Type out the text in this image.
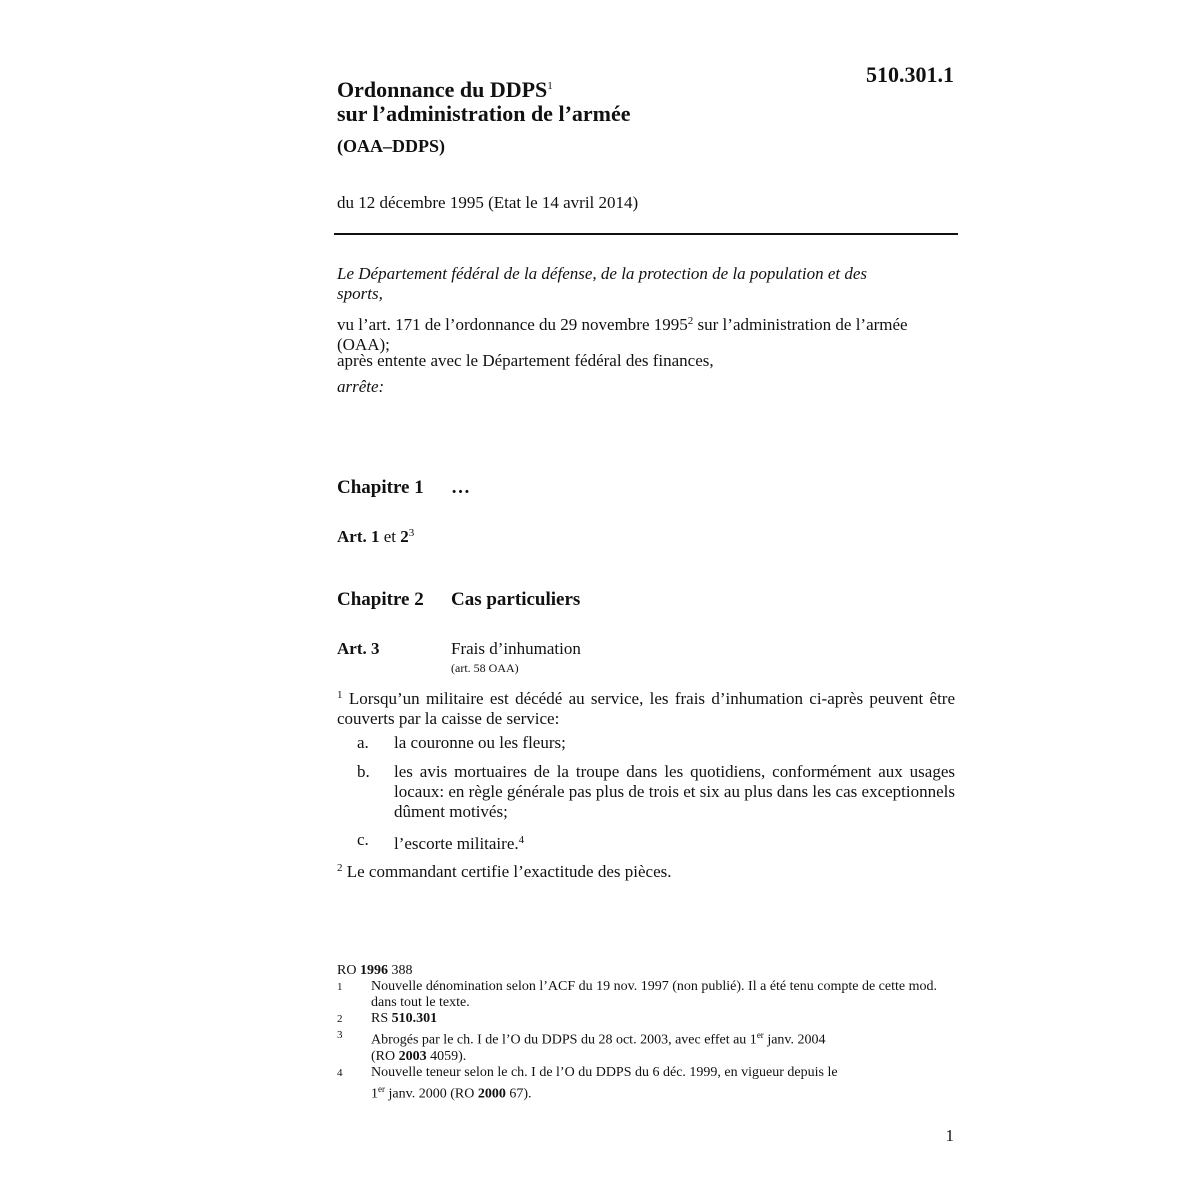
Ordonnance du DDPS$^1$
sur l’administration de l’armée
(OAA–DDPS)
510.301.1
du 12 décembre 1995 (Etat le 14 avril 2014)
Le Département fédéral de la défense, de la protection de la population et des sports,
vu l’art. 171 de l’ordonnance du 29 novembre 1995$^2$ sur l’administration de l’armée (OAA);
après entente avec le Département fédéral des finances,
arrête:
Chapitre 1 …
Art. 1 et $2^3$
Chapitre 2 Cas particuliers
Art. 3	Frais d’inhumation
(art. 58 OAA)
$^1$ Lorsqu’un militaire est décédé au service, les frais d’inhumation ci-après peuvent être couverts par la caisse de service:
a. la couronne ou les fleurs;
b. les avis mortuaires de la troupe dans les quotidiens, conformément aux usages locaux: en règle générale pas plus de trois et six au plus dans les cas exceptionnels dûment motivés;
c. l’escorte militaire.$^4$
$^2$ Le commandant certifie l’exactitude des pièces.
RO 1996 388
1 Nouvelle dénomination selon l’ACF du 19 nov. 1997 (non publié). Il a été tenu compte de cette mod. dans tout le texte.
2 RS 510.301
3 Abrogés par le ch. I de l’O du DDPS du 28 oct. 2003, avec effet au 1er janv. 2004
(RO 2003 4059).
4 Nouvelle teneur selon le ch. I de l’O du DDPS du 6 déc. 1999, en vigueur depuis le
1er janv. 2000 (RO 2000 67).
1
